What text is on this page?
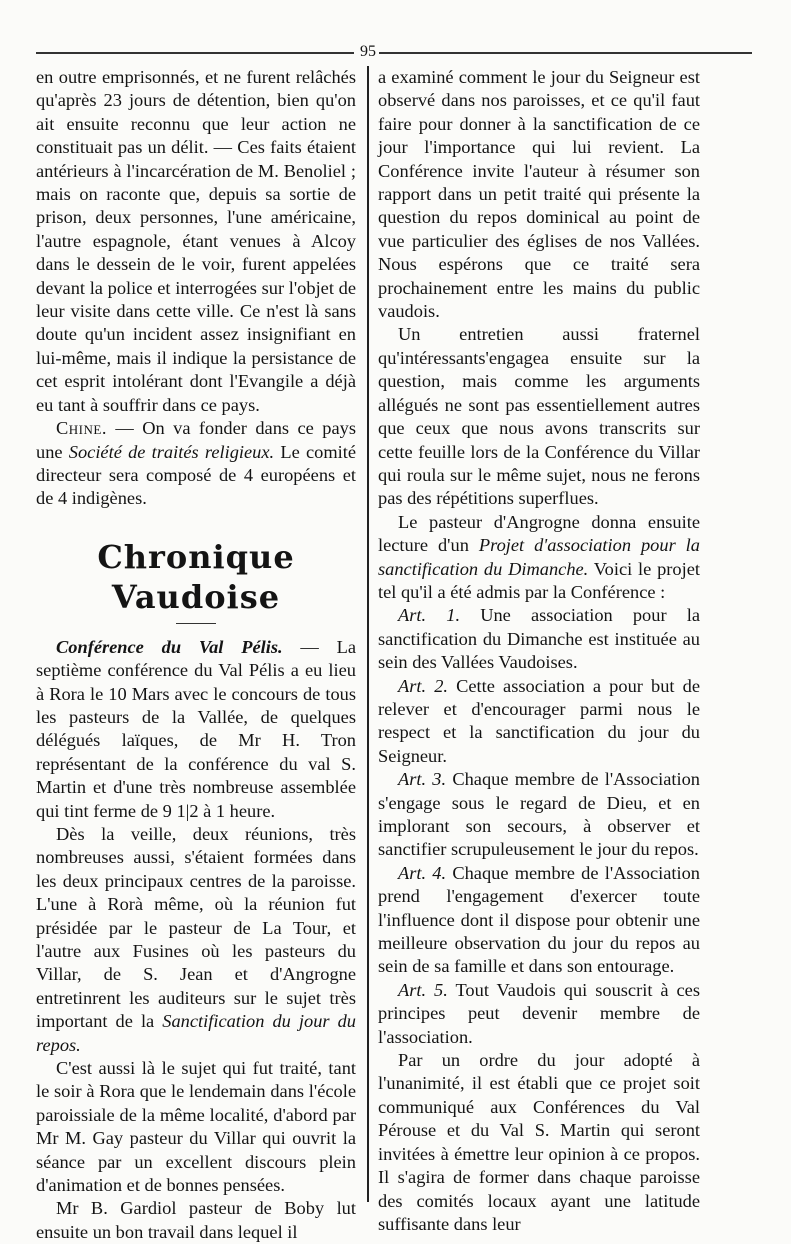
95

en outre emprisonnés, et ne furent relâchés qu'après 23 jours de détention, bien qu'on ait ensuite reconnu que leur action ne constituait pas un délit. — Ces faits étaient antérieurs à l'incarcération de M. Benoliel ; mais on raconte que, depuis sa sortie de prison, deux personnes, l'une américaine, l'autre espagnole, étant venues à Alcoy dans le dessein de le voir, furent appelées devant la police et interrogées sur l'objet de leur visite dans cette ville. Ce n'est là sans doute qu'un incident assez insignifiant en lui-même, mais il indique la persistance de cet esprit intolérant dont l'Evangile a déjà eu tant à souffrir dans ce pays.

Chine. — On va fonder dans ce pays une Société de traités religieux. Le comité directeur sera composé de 4 européens et de 4 indigènes.

Chronique Vaudoise

Conférence du Val Pélis. — La septième conférence du Val Pélis a eu lieu à Rora le 10 Mars avec le concours de tous les pasteurs de la Vallée, de quelques délégués laïques, de Mr H. Tron représentant de la conférence du val S. Martin et d'une très nombreuse assemblée qui tint ferme de 9 1|2 à 1 heure.

Dès la veille, deux réunions, très nombreuses aussi, s'étaient formées dans les deux principaux centres de la paroisse. L'une à Rorà même, où la réunion fut présidée par le pasteur de La Tour, et l'autre aux Fusines où les pasteurs du Villar, de S. Jean et d'Angrogne entretinrent les auditeurs sur le sujet très important de la Sanctification du jour du repos.

C'est aussi là le sujet qui fut traité, tant le soir à Rora que le lendemain dans l'école paroissiale de la même localité, d'abord par Mr M. Gay pasteur du Villar qui ouvrit la séance par un excellent discours plein d'animation et de bonnes pensées.

Mr B. Gardiol pasteur de Boby lut ensuite un bon travail dans lequel il

a examiné comment le jour du Seigneur est observé dans nos paroisses, et ce qu'il faut faire pour donner à la sanctification de ce jour l'importance qui lui revient. La Conférence invite l'auteur à résumer son rapport dans un petit traité qui présente la question du repos dominical au point de vue particulier des églises de nos Vallées. Nous espérons que ce traité sera prochainement entre les mains du public vaudois.

Un entretien aussi fraternel qu'intéressants'engagea ensuite sur la question, mais comme les arguments allégués ne sont pas essentiellement autres que ceux que nous avons transcrits sur cette feuille lors de la Conférence du Villar qui roula sur le même sujet, nous ne ferons pas des répétitions superflues.

Le pasteur d'Angrogne donna ensuite lecture d'un Projet d'association pour la sanctification du Dimanche. Voici le projet tel qu'il a été admis par la Conférence :

Art. 1. Une association pour la sanctification du Dimanche est instituée au sein des Vallées Vaudoises.

Art. 2. Cette association a pour but de relever et d'encourager parmi nous le respect et la sanctification du jour du Seigneur.

Art. 3. Chaque membre de l'Association s'engage sous le regard de Dieu, et en implorant son secours, à observer et sanctifier scrupuleusement le jour du repos.

Art. 4. Chaque membre de l'Association prend l'engagement d'exercer toute l'influence dont il dispose pour obtenir une meilleure observation du jour du repos au sein de sa famille et dans son entourage.

Art. 5. Tout Vaudois qui souscrit à ces principes peut devenir membre de l'association.

Par un ordre du jour adopté à l'unanimité, il est établi que ce projet soit communiqué aux Conférences du Val Pérouse et du Val S. Martin qui seront invitées à émettre leur opinion à ce propos. Il s'agira de former dans chaque paroisse des comités locaux ayant une latitude suffisante dans leur
